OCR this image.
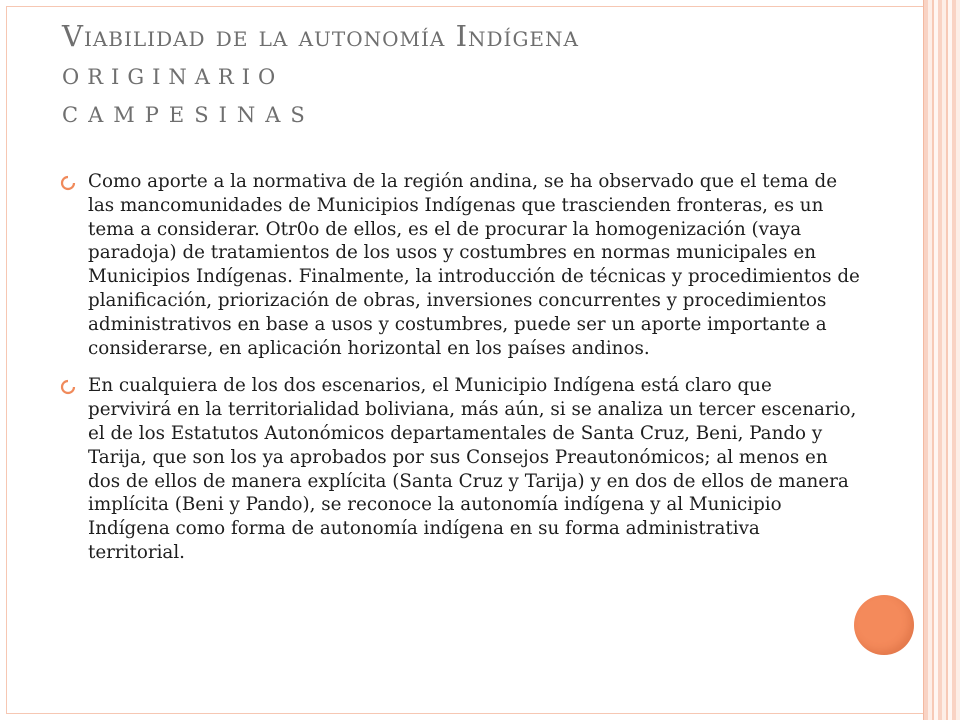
Viabilidad de la autonomía Indígena
ORIGINARIO
CAMPESINAS

Como aporte a la normativa de la región andina, se ha observado que el tema de las mancomunidades de Municipios Indígenas que trascienden fronteras, es un tema a considerar. Otr0o de ellos, es el de procurar la homogenización (vaya paradoja) de tratamientos de los usos y costumbres en normas municipales en Municipios Indígenas. Finalmente, la introducción de técnicas y procedimientos de planificación, priorización de obras, inversiones concurrentes y procedimientos administrativos en base a usos y costumbres, puede ser un aporte importante a considerarse, en aplicación horizontal en los países andinos.

En cualquiera de los dos escenarios, el Municipio Indígena está claro que pervivirá en la territorialidad boliviana, más aún, si se analiza un tercer escenario, el de los Estatutos Autonómicos departamentales de Santa Cruz, Beni, Pando y Tarija, que son los ya aprobados por sus Consejos Preautonómicos; al menos en dos de ellos de manera explícita (Santa Cruz y Tarija) y en dos de ellos de manera implícita (Beni y Pando), se reconoce la autonomía indígena y al Municipio Indígena como forma de autonomía indígena en su forma administrativa territorial.
